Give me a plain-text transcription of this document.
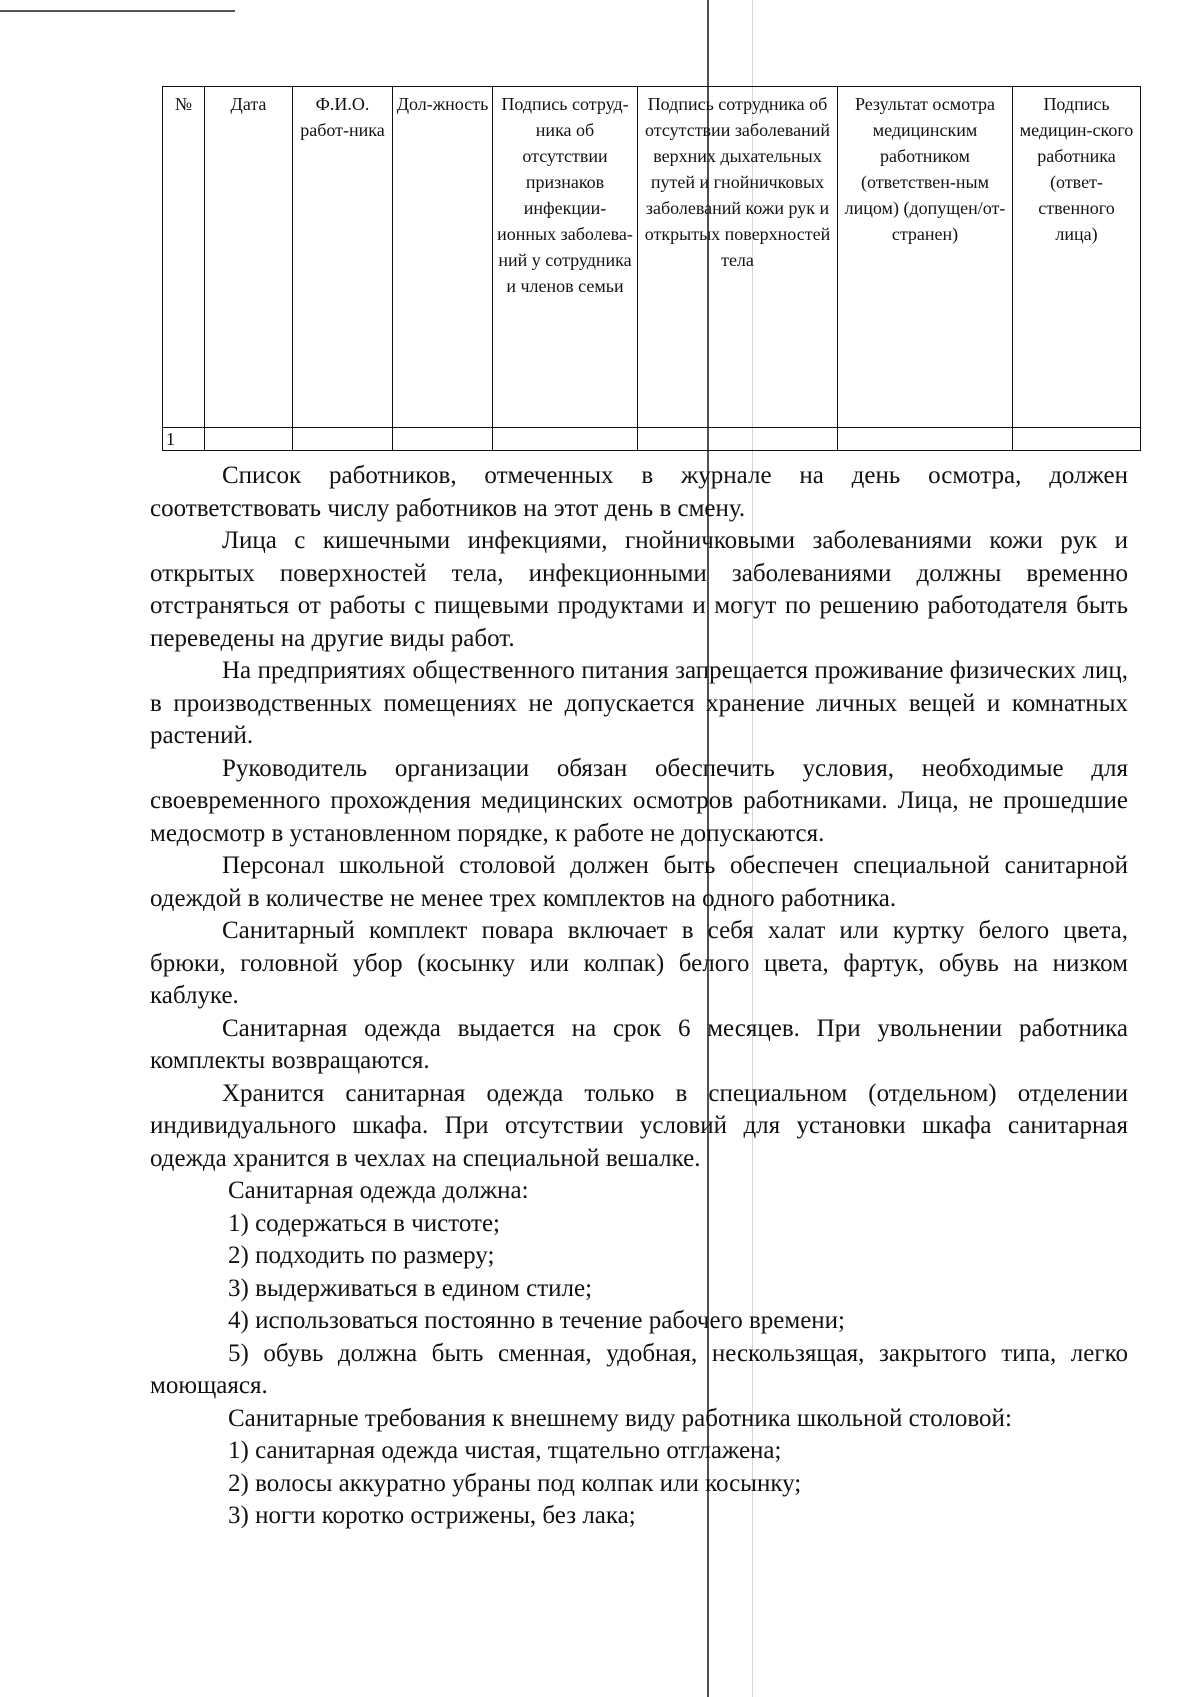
№	Дата	Ф.И.О. работ-ника	Дол-жность	Подпись сотруд-ника об отсутствии признаков инфекции-ионных заболева-ний у сотрудника и членов семьи	Подпись сотрудника об отсутствии заболеваний верхних дыхательных путей и гнойничковых заболеваний кожи рук и открытых поверхностей тела	Результат осмотра медицинским работником (ответствен-ным лицом) (допущен/от-странен)	Подпись медицин-ского работника (ответ-ственного лица)
1							

Список работников, отмеченных в журнале на день осмотра, должен соответствовать числу работников на этот день в смену.

Лица с кишечными инфекциями, гнойничковыми заболеваниями кожи рук и открытых поверхностей тела, инфекционными заболеваниями должны временно отстраняться от работы с пищевыми продуктами и могут по решению работодателя быть переведены на другие виды работ.

На предприятиях общественного питания запрещается проживание физических лиц, в производственных помещениях не допускается хранение личных вещей и комнатных растений.

Руководитель организации обязан обеспечить условия, необходимые для своевременного прохождения медицинских осмотров работниками. Лица, не прошедшие медосмотр в установленном порядке, к работе не допускаются.

Персонал школьной столовой должен быть обеспечен специальной санитарной одеждой в количестве не менее трех комплектов на одного работника.

Санитарный комплект повара включает в себя халат или куртку белого цвета, брюки, головной убор (косынку или колпак) белого цвета, фартук, обувь на низком каблуке.

Санитарная одежда выдается на срок 6 месяцев. При увольнении работника комплекты возвращаются.

Хранится санитарная одежда только в специальном (отдельном) отделении индивидуального шкафа. При отсутствии условий для установки шкафа санитарная одежда хранится в чехлах на специальной вешалке.

Санитарная одежда должна:

1) содержаться в чистоте;

2) подходить по размеру;

3) выдерживаться в едином стиле;

4) использоваться постоянно в течение рабочего времени;

5) обувь должна быть сменная, удобная, нескользящая, закрытого типа, легко моющаяся.

Санитарные требования к внешнему виду работника школьной столовой:

1) санитарная одежда чистая, тщательно отглажена;

2) волосы аккуратно убраны под колпак или косынку;

3) ногти коротко острижены, без лака;
